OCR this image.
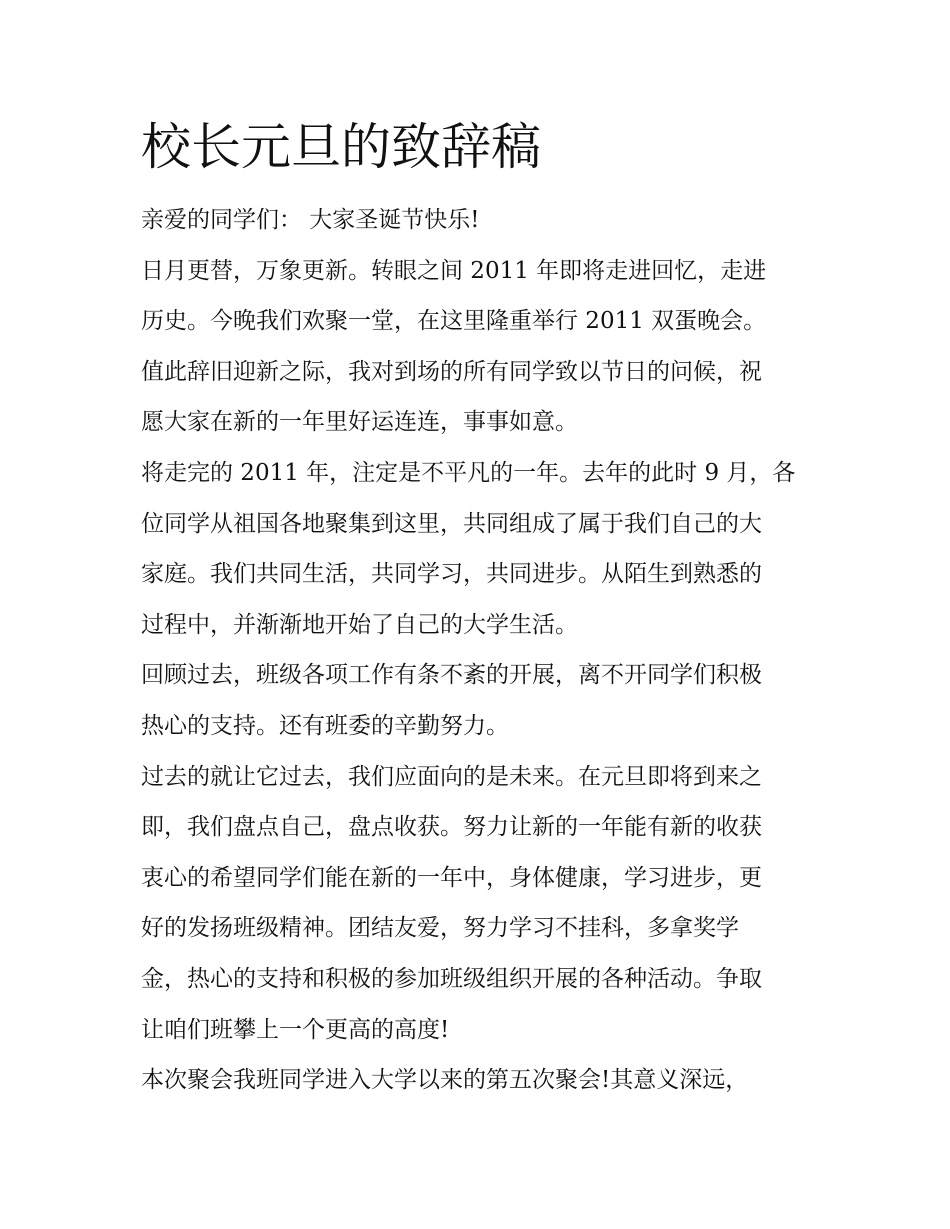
校长元旦的致辞稿

亲爱的同学们： 大家圣诞节快乐!

日月更替，万象更新。转眼之间 2011 年即将走进回忆，走进

历史。今晚我们欢聚一堂，在这里隆重举行 2011 双蛋晚会。

值此辞旧迎新之际，我对到场的所有同学致以节日的问候，祝

愿大家在新的一年里好运连连，事事如意。

将走完的 2011 年，注定是不平凡的一年。去年的此时 9 月，各

位同学从祖国各地聚集到这里，共同组成了属于我们自己的大

家庭。我们共同生活，共同学习，共同进步。从陌生到熟悉的

过程中，并渐渐地开始了自己的大学生活。

回顾过去，班级各项工作有条不紊的开展，离不开同学们积极

热心的支持。还有班委的辛勤努力。

过去的就让它过去，我们应面向的是未来。在元旦即将到来之

即，我们盘点自己，盘点收获。努力让新的一年能有新的收获

衷心的希望同学们能在新的一年中，身体健康，学习进步，更

好的发扬班级精神。团结友爱，努力学习不挂科，多拿奖学

金，热心的支持和积极的参加班级组织开展的各种活动。争取

让咱们班攀上一个更高的高度!

本次聚会我班同学进入大学以来的第五次聚会!其意义深远，
